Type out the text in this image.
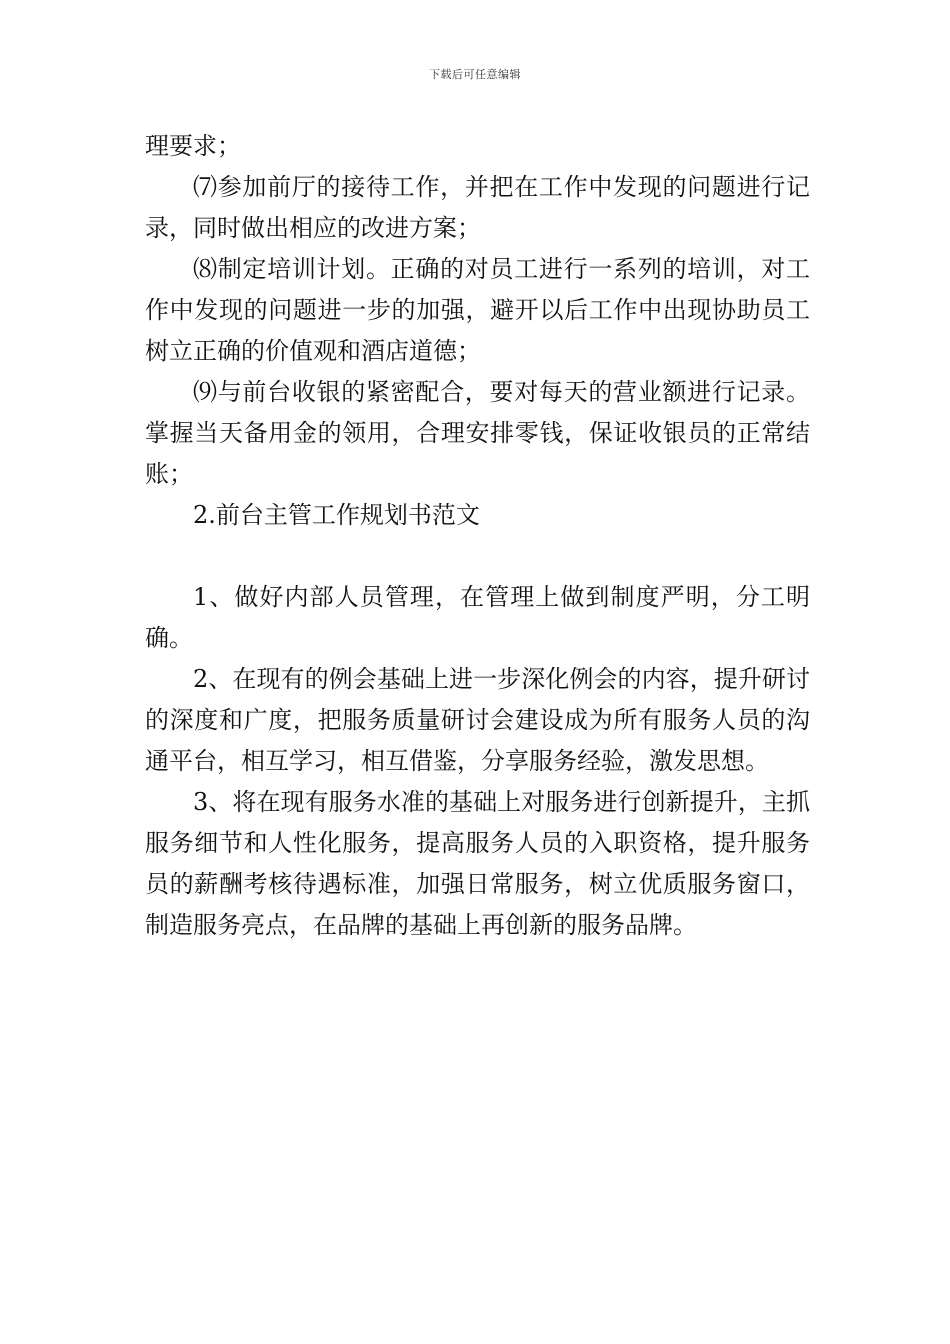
下载后可任意编辑

理要求；

⑺参加前厅的接待工作，并把在工作中发现的问题进行记录，同时做出相应的改进方案；

⑻制定培训计划。正确的对员工进行一系列的培训，对工作中发现的问题进一步的加强，避开以后工作中出现协助员工树立正确的价值观和酒店道德；

⑼与前台收银的紧密配合，要对每天的营业额进行记录。掌握当天备用金的领用，合理安排零钱，保证收银员的正常结账；

2.前台主管工作规划书范文

1、做好内部人员管理，在管理上做到制度严明，分工明确。

2、在现有的例会基础上进一步深化例会的内容，提升研讨的深度和广度，把服务质量研讨会建设成为所有服务人员的沟通平台，相互学习，相互借鉴，分享服务经验，激发思想。

3、将在现有服务水准的基础上对服务进行创新提升，主抓服务细节和人性化服务，提高服务人员的入职资格，提升服务员的薪酬考核待遇标准，加强日常服务，树立优质服务窗口，制造服务亮点，在品牌的基础上再创新的服务品牌。
